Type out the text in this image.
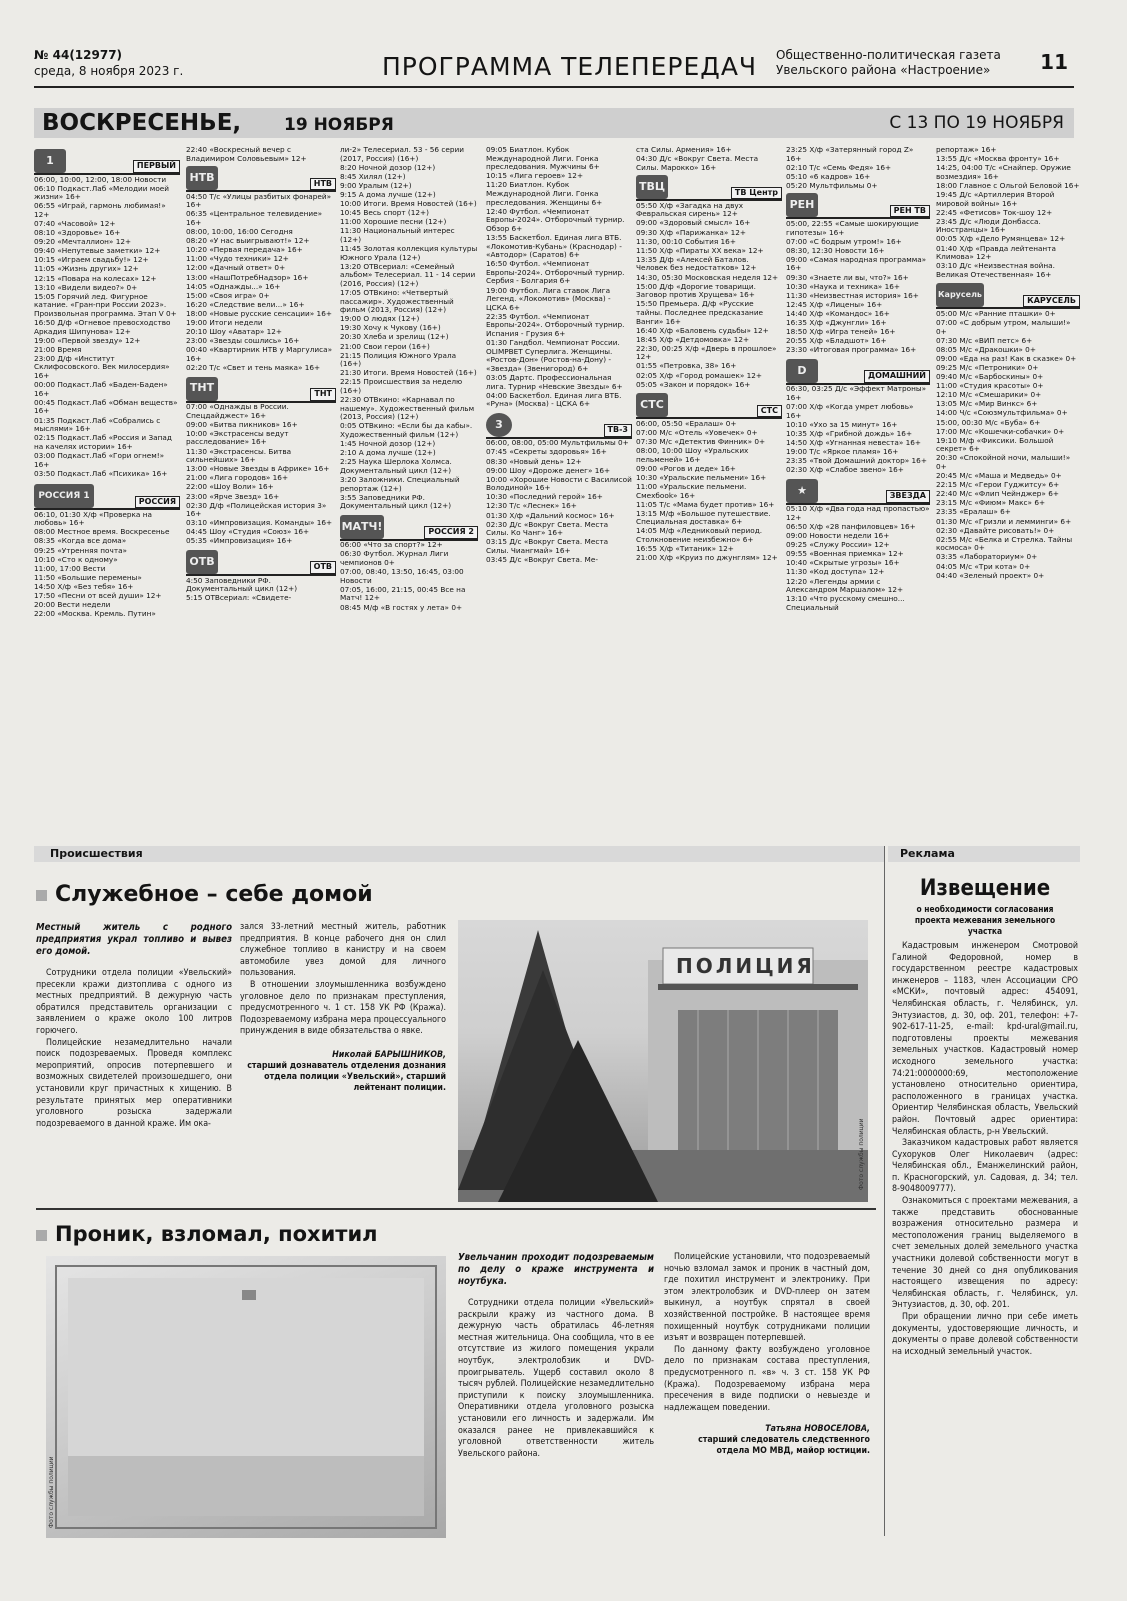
№ 44(12977)
среда, 8 ноября 2023 г.	ПРОГРАММА ТЕЛЕПЕРЕДАЧ Общественно-политическая газета
Увельского района «Настроение»	11
ВОСКРЕСЕНЬЕ,	19 НОЯБРЯ	С 13 ПО 19 НОЯБРЯ
1	ПЕРВЫЙ
06:00, 10:00, 12:00, 18:00 Новости
06:10 Подкаст.Лаб «Мелодии моей жизни» 16+
06:55 «Играй, гармонь любимая!» 12+
07:40 «Часовой» 12+
08:10 «Здоровье» 16+
09:20 «Мечталлион» 12+
09:40 «Непутевые заметки» 12+
10:15 «Играем свадьбу!» 12+
11:05 «Жизнь других» 12+
12:15 «Повара на колесах» 12+
13:10 «Видели видео?» 0+
15:05 Горячий лед. Фигурное катание. «Гран-при России 2023». Произвольная программа. Этап V 0+
16:50 Д/ф «Огневое превосходство Аркадия Шипунова» 12+
19:00 «Первой звезду» 12+
21:00 Время
23:00 Д/ф «Институт Склифосовского. Век милосердия» 16+
00:00 Подкаст.Лаб «Баден-Баден» 16+
00:45 Подкаст.Лаб «Обман веществ» 16+
01:35 Подкаст.Лаб «Собрались с мыслями» 16+
02:15 Подкаст.Лаб «Россия и Запад на качелях истории» 16+
03:00 Подкаст.Лаб «Гори огнем!» 16+
03:50 Подкаст.Лаб «Психика» 16+
РОССИЯ 1
РОССИЯ
06:10, 01:30 Х/ф «Проверка на любовь» 16+
08:00 Местное время. Воскресенье
08:35 «Когда все дома»
09:25 «Утренняя почта»
10:10 «Сто к одному»
11:00, 17:00 Вести
11:50 «Большие перемены»
14:50 Х/ф «Без тебя» 16+
17:50 «Песни от всей души» 12+
20:00 Вести недели
22:00 «Москва. Кремль. Путин»
22:40 «Воскресный вечер с Владимиром Соловьевым» 12+
НТВ	НТВ
04:50 Т/с «Улицы разбитых фонарей» 16+
06:35 «Центральное телевидение» 16+
08:00, 10:00, 16:00 Сегодня
08:20 «У нас выигрывают!» 12+
10:20 «Первая передача» 16+
11:00 «Чудо техники» 12+
12:00 «Дачный ответ» 0+
13:00 «НашПотребНадзор» 16+
14:05 «Однажды...» 16+
15:00 «Своя игра» 0+
16:20 «Следствие вели...» 16+
18:00 «Новые русские сенсации» 16+
19:00 Итоги недели
20:10 Шоу «Аватар» 12+
23:00 «Звезды сошлись» 16+
00:40 «Квартирник НТВ у Маргулиса» 16+
02:20 Т/с «Свет и тень маяка» 16+
ТНТ	ТНТ
07:00 «Однажды в России. Спецдайджест» 16+
09:00 «Битва пикников» 16+
10:00 «Экстрасенсы ведут расследование» 16+
11:30 «Экстрасенсы. Битва сильнейших» 16+
13:00 «Новые Звезды в Африке» 16+
21:00 «Лига городов» 16+
22:00 «Шоу Воли» 16+
23:00 «Ярче Звезд» 16+
02:30 Д/ф «Полицейская история 3» 16+
03:10 «Импровизация. Команды» 16+
04:45 Шоу «Студия «Союз» 16+
05:35 «Импровизация» 16+
ОТВ	ОТВ
4:50 Заповедники РФ. Документальный цикл (12+)
5:15 ОТВсериал: «Свидете-
ли-2» Телесериал. 53 - 56 серии (2017, Россия) (16+)
8:20 Ночной дозор (12+)
8:45 Хилял (12+)
9:00 Уралым (12+)
9:15 А дома лучше (12+)
10:00 Итоги. Время Новостей (16+)
10:45 Весь спорт (12+)
11:00 Хорошие песни (12+)
11:30 Национальный интерес (12+)
11:45 Золотая коллекция культуры Южного Урала (12+)
13:20 ОТВсериал: «Семейный альбом» Телесериал. 11 - 14 серии (2016, Россия) (12+)
17:05 ОТВкино: «Четвертый пассажир». Художественный фильм (2013, Россия) (12+)
19:00 О людях (12+)
19:30 Хочу к Чукову (16+)
20:30 Хлеба и зрелищ (12+)
21:00 Свои герои (16+)
21:15 Полиция Южного Урала (16+)
21:30 Итоги. Время Новостей (16+)
22:15 Происшествия за неделю (16+)
22:30 ОТВкино: «Карнавал по нашему». Художественный фильм (2013, Россия) (12+)
0:05 ОТВкино: «Если бы да кабы». Художественный фильм (12+)
1:45 Ночной дозор (12+)
2:10 А дома лучше (12+)
2:25 Наука Шерлока Холмса. Документальный цикл (12+)
3:20 Заложники. Специальный репортаж (12+)
3:55 Заповедники РФ. Документальный цикл (12+)
МАТЧ!	РОССИЯ 2
06:00 «Что за спорт?» 12+
06:30 Футбол. Журнал Лиги чемпионов 0+
07:00, 08:40, 13:50, 16:45, 03:00 Новости
07:05, 16:00, 21:15, 00:45 Все на Матч! 12+
08:45 М/ф «В гостях у лета» 0+
09:05 Биатлон. Кубок Международной Лиги. Гонка преследования. Мужчины 6+
10:15 «Лига героев» 12+
11:20 Биатлон. Кубок Международной Лиги. Гонка преследования. Женщины 6+
12:40 Футбол. «Чемпионат Европы-2024». Отборочный турнир. Обзор 6+
13:55 Баскетбол. Единая лига ВТБ. «Локомотив-Кубань» (Краснодар) - «Автодор» (Саратов) 6+
16:50 Футбол. «Чемпионат Европы-2024». Отборочный турнир. Сербия - Болгария 6+
19:00 Футбол. Лига ставок Лига Легенд. «Локомотив» (Москва) - ЦСКА 6+
22:35 Футбол. «Чемпионат Европы-2024». Отборочный турнир. Испания - Грузия 6+
01:30 Гандбол. Чемпионат России. OLIMPBET Суперлига. Женщины. «Ростов-Дон» (Ростов-на-Дону) - «Звезда» (Звенигород) 6+
03:05 Дартс. Профессиональная лига. Турнир «Невские Звезды» 6+
04:00 Баскетбол. Единая лига ВТБ. «Руна» (Москва) - ЦСКА 6+
3	ТВ-3
06:00, 08:00, 05:00 Мультфильмы 0+
07:45 «Секреты здоровья» 16+
08:30 «Новый день» 12+
09:00 Шоу «Дороже денег» 16+
10:00 «Хорошие Новости с Василисой Володиной» 16+
10:30 «Последний герой» 16+
12:30 Т/с «Леснек» 16+
01:30 Х/ф «Дальний космос» 16+
02:30 Д/с «Вокруг Света. Места Силы. Ко Чанг» 16+
03:15 Д/с «Вокруг Света. Места Силы. Чиангмай» 16+
03:45 Д/с «Вокруг Света. Ме-
ста Силы. Армения» 16+
04:30 Д/с «Вокруг Света. Места Силы. Марокко» 16+
ТВЦ	ТВ Центр
05:50 Х/ф «Загадка на двух Февральская сирень» 12+
09:00 «Здоровый смысл» 16+
09:30 Х/ф «Парижанка» 12+
11:30, 00:10 События 16+
11:50 Х/ф «Пираты XX века» 12+
13:35 Д/ф «Алексей Баталов. Человек без недостатков» 12+
14:30, 05:30 Московская неделя 12+
15:00 Д/ф «Дорогие товарищи. Заговор против Хрущева» 16+
15:50 Премьера. Д/ф «Русские тайны. Последнее предсказание Ванги» 16+
16:40 Х/ф «Баловень судьбы» 12+
18:45 Х/ф «Детдомовка» 12+
22:30, 00:25 Х/ф «Дверь в прошлое» 12+
01:55 «Петровка, 38» 16+
02:05 Х/ф «Город ромашек» 12+
05:05 «Закон и порядок» 16+
СТС	СТС
06:00, 05:50 «Ералаш» 0+
07:00 М/с «Отель «Уовечек» 0+
07:30 М/с «Детектив Финник» 0+
08:00, 10:00 Шоу «Уральских пельменей» 16+
09:00 «Рогов и деде» 16+
10:30 «Уральские пельмени» 16+
11:00 «Уральские пельмени. Смехбook» 16+
11:05 Т/с «Мама будет против» 16+
13:15 М/ф «Большое путешествие. Специальная доставка» 6+
14:05 М/ф «Ледниковый период. Столкновение неизбежно» 6+
16:55 Х/ф «Титаник» 12+
21:00 Х/ф «Круиз по джунглям» 12+
23:25 Х/ф «Затерянный город Z» 16+
02:10 Т/с «Семь Федя» 16+
05:10 «6 кадров» 16+
05:20 Мультфильмы 0+
РЕН	РЕН ТВ
05:00, 22:55 «Самые шокирующие гипотезы» 16+
07:00 «С бодрым утром!» 16+
08:30, 12:30 Новости 16+
09:00 «Самая народная программа» 16+
09:30 «Знаете ли вы, что?» 16+
10:30 «Наука и техника» 16+
11:30 «Неизвестная история» 16+
12:45 Х/ф «Лицены» 16+
14:40 Х/ф «Командос» 16+
16:35 Х/ф «Джунгли» 16+
18:50 Х/ф «Игра теней» 16+
20:55 Х/ф «Бладшот» 16+
23:30 «Итоговая программа» 16+
D	ДОМАШНИЙ
06:30, 03:25 Д/с «Эффект Матроны» 16+
07:00 Х/ф «Когда умрет любовь» 16+
10:10 «Ухо за 15 минут» 16+
10:35 Х/ф «Грибной дождь» 16+
14:50 Х/ф «Угнанная невеста» 16+
19:00 Т/с «Яркое пламя» 16+
23:35 «Твой Домашний доктор» 16+
02:30 Х/ф «Слабое звено» 16+
★	ЗВЕЗДА
05:10 Х/ф «Два года над пропастью» 12+
06:50 Х/ф «28 панфиловцев» 16+
09:00 Новости недели 16+
09:25 «Служу России» 12+
09:55 «Военная приемка» 12+
10:40 «Скрытые угрозы» 16+
11:30 «Код доступа» 12+
12:20 «Легенды армии с Александром Маршалом» 12+
13:10 «Что русскому смешно... Специальный
репортаж» 16+
13:55 Д/с «Москва фронту» 16+
14:25, 04:00 Т/с «Снайпер. Оружие возмездия» 16+
18:00 Главное с Ольгой Беловой 16+
19:45 Д/с «Артиллерия Второй мировой войны» 16+
22:45 «Фетисов» Ток-шоу 12+
23:45 Д/с «Люди Донбасса. Иностранцы» 16+
00:05 Х/ф «Дело Румянцева» 12+
01:40 Х/ф «Правда лейтенанта Климова» 12+
03:10 Д/с «Неизвестная война. Великая Отечественная» 16+
Карусель
КАРУСЕЛЬ
05:00 М/с «Ранние пташки» 0+
07:00 «С добрым утром, малыши!» 0+
07:30 М/с «ВИП петс» 6+
08:05 М/с «Дракошки» 0+
09:00 «Еда на раз! Как в сказке» 0+
09:25 М/с «Петроники» 0+
09:40 М/с «Барбоскины» 0+
11:00 «Студия красоты» 0+
12:10 М/с «Смешарики» 0+
13:05 М/с «Мир Винкс» 6+
14:00 Ч/с «Союзмультфильма» 0+
15:00, 00:30 М/с «Буба» 6+
17:00 М/с «Кошечки-собачки» 0+
19:10 М/ф «Фиксики. Большой секрет» 6+
20:30 «Спокойной ночи, малыши!» 0+
20:45 М/с «Маша и Медведь» 0+
22:15 М/с «Герои Гуджитсу» 6+
22:40 М/с «Флип Чейнджер» 6+
23:15 М/с «Фиюм» Макс» 6+
23:35 «Ералаш» 6+
01:30 М/с «Гризли и лемминги» 6+
02:30 «Давайте рисовать!» 0+
02:55 М/с «Белка и Стрелка. Тайны космоса» 0+
03:35 «Лабораториум» 0+
04:05 М/с «Три кота» 0+
04:40 «Зеленый проект» 0+
Происшествия	Реклама
Служебное – себе домой
Местный житель с родного предприятия украл топливо и вывез его домой.

Сотрудники отдела полиции «Увельский» пресекли кражи дизтоплива с одного из местных предприятий. В дежурную часть обратился представитель организации с заявлением о краже около 100 литров горючего.

Полицейские незамедлительно начали поиск подозреваемых. Проведя комплекс мероприятий, опросив потерпевшего и возможных свидетелей произошедшего, они установили круг причастных к хищению. В результате принятых мер оперативники уголовного розыска задержали подозреваемого в данной краже. Им ока-

зался 33-летний местный житель, работник предприятия. В конце рабочего дня он слил служебное топливо в канистру и на своем автомобиле увез домой для личного пользования.

В отношении злоумышленника возбуждено уголовное дело по признакам преступления, предусмотренного ч. 1 ст. 158 УК РФ (Кража). Подозреваемому избрана мера процессуального принуждения в виде обязательства о явке.

Николай БАРЫШНИКОВ,
старший дознаватель отделения дознания отдела полиции «Увельский», старший лейтенант полиции.
ПОЛИЦИЯ
Фото службы полиции
Проник, взломал, похитил
Фото службы полиции
Увельчанин проходит подозреваемым по делу о краже инструмента и ноутбука.

Сотрудники отдела полиции «Увельский» раскрыли кражу из частного дома. В дежурную часть обратилась 46-летняя местная жительница. Она сообщила, что в ее отсутствие из жилого помещения украли ноутбук, электролобзик и DVD-проигрыватель. Ущерб составил около 8 тысяч рублей. Полицейские незамедлительно приступили к поиску злоумышленника. Оперативники отдела уголовного розыска установили его личность и задержали. Им оказался ранее не привлекавшийся к уголовной ответственности житель Увельского района.

Полицейские установили, что подозреваемый ночью взломал замок и проник в частный дом, где похитил инструмент и электронику. При этом электролобзик и DVD-плеер он затем выкинул, а ноутбук спрятал в своей хозяйственной постройке. В настоящее время похищенный ноутбук сотрудниками полиции изъят и возвращен потерпевшей.

По данному факту возбуждено уголовное дело по признакам состава преступления, предусмотренного п. «в» ч. 3 ст. 158 УК РФ (Кража). Подозреваемому избрана мера пресечения в виде подписки о невыезде и надлежащем поведении.

Татьяна НОВОСЕЛОВА,
старший следователь следственного отдела МО МВД, майор юстиции.
Извещение
о необходимости согласования проекта межевания земельного участка

Кадастровым инженером Смотровой Галиной Федоровной, номер в государственном реестре кадастровых инженеров – 1183, член Ассоциации СРО «МСКИ», почтовый адрес: 454091, Челябинская область, г. Челябинск, ул. Энтузиастов, д. 30, оф. 201, телефон: +7-902-617-11-25, e-mail: kpd-ural@mail.ru, подготовлены проекты межевания земельных участков. Кадастровый номер исходного земельного участка: 74:21:0000000:69, местоположение установлено относительно ориентира, расположенного в границах участка. Ориентир Челябинская область, Увельский район. Почтовый адрес ориентира: Челябинская область, р-н Увельский.

Заказчиком кадастровых работ является Сухоруков Олег Николаевич (адрес: Челябинская обл., Еманжелинский район, п. Красногорский, ул. Садовая, д. 34; тел. 8-9048009777).

Ознакомиться с проектами межевания, а также представить обоснованные возражения относительно размера и местоположения границ выделяемого в счет земельных долей земельного участка участники долевой собственности могут в течение 30 дней со дня опубликования настоящего извещения по адресу: Челябинская область, г. Челябинск, ул. Энтузиастов, д. 30, оф. 201.

При обращении лично при себе иметь документы, удостоверяющие личность, и документы о праве долевой собственности на исходный земельный участок.
